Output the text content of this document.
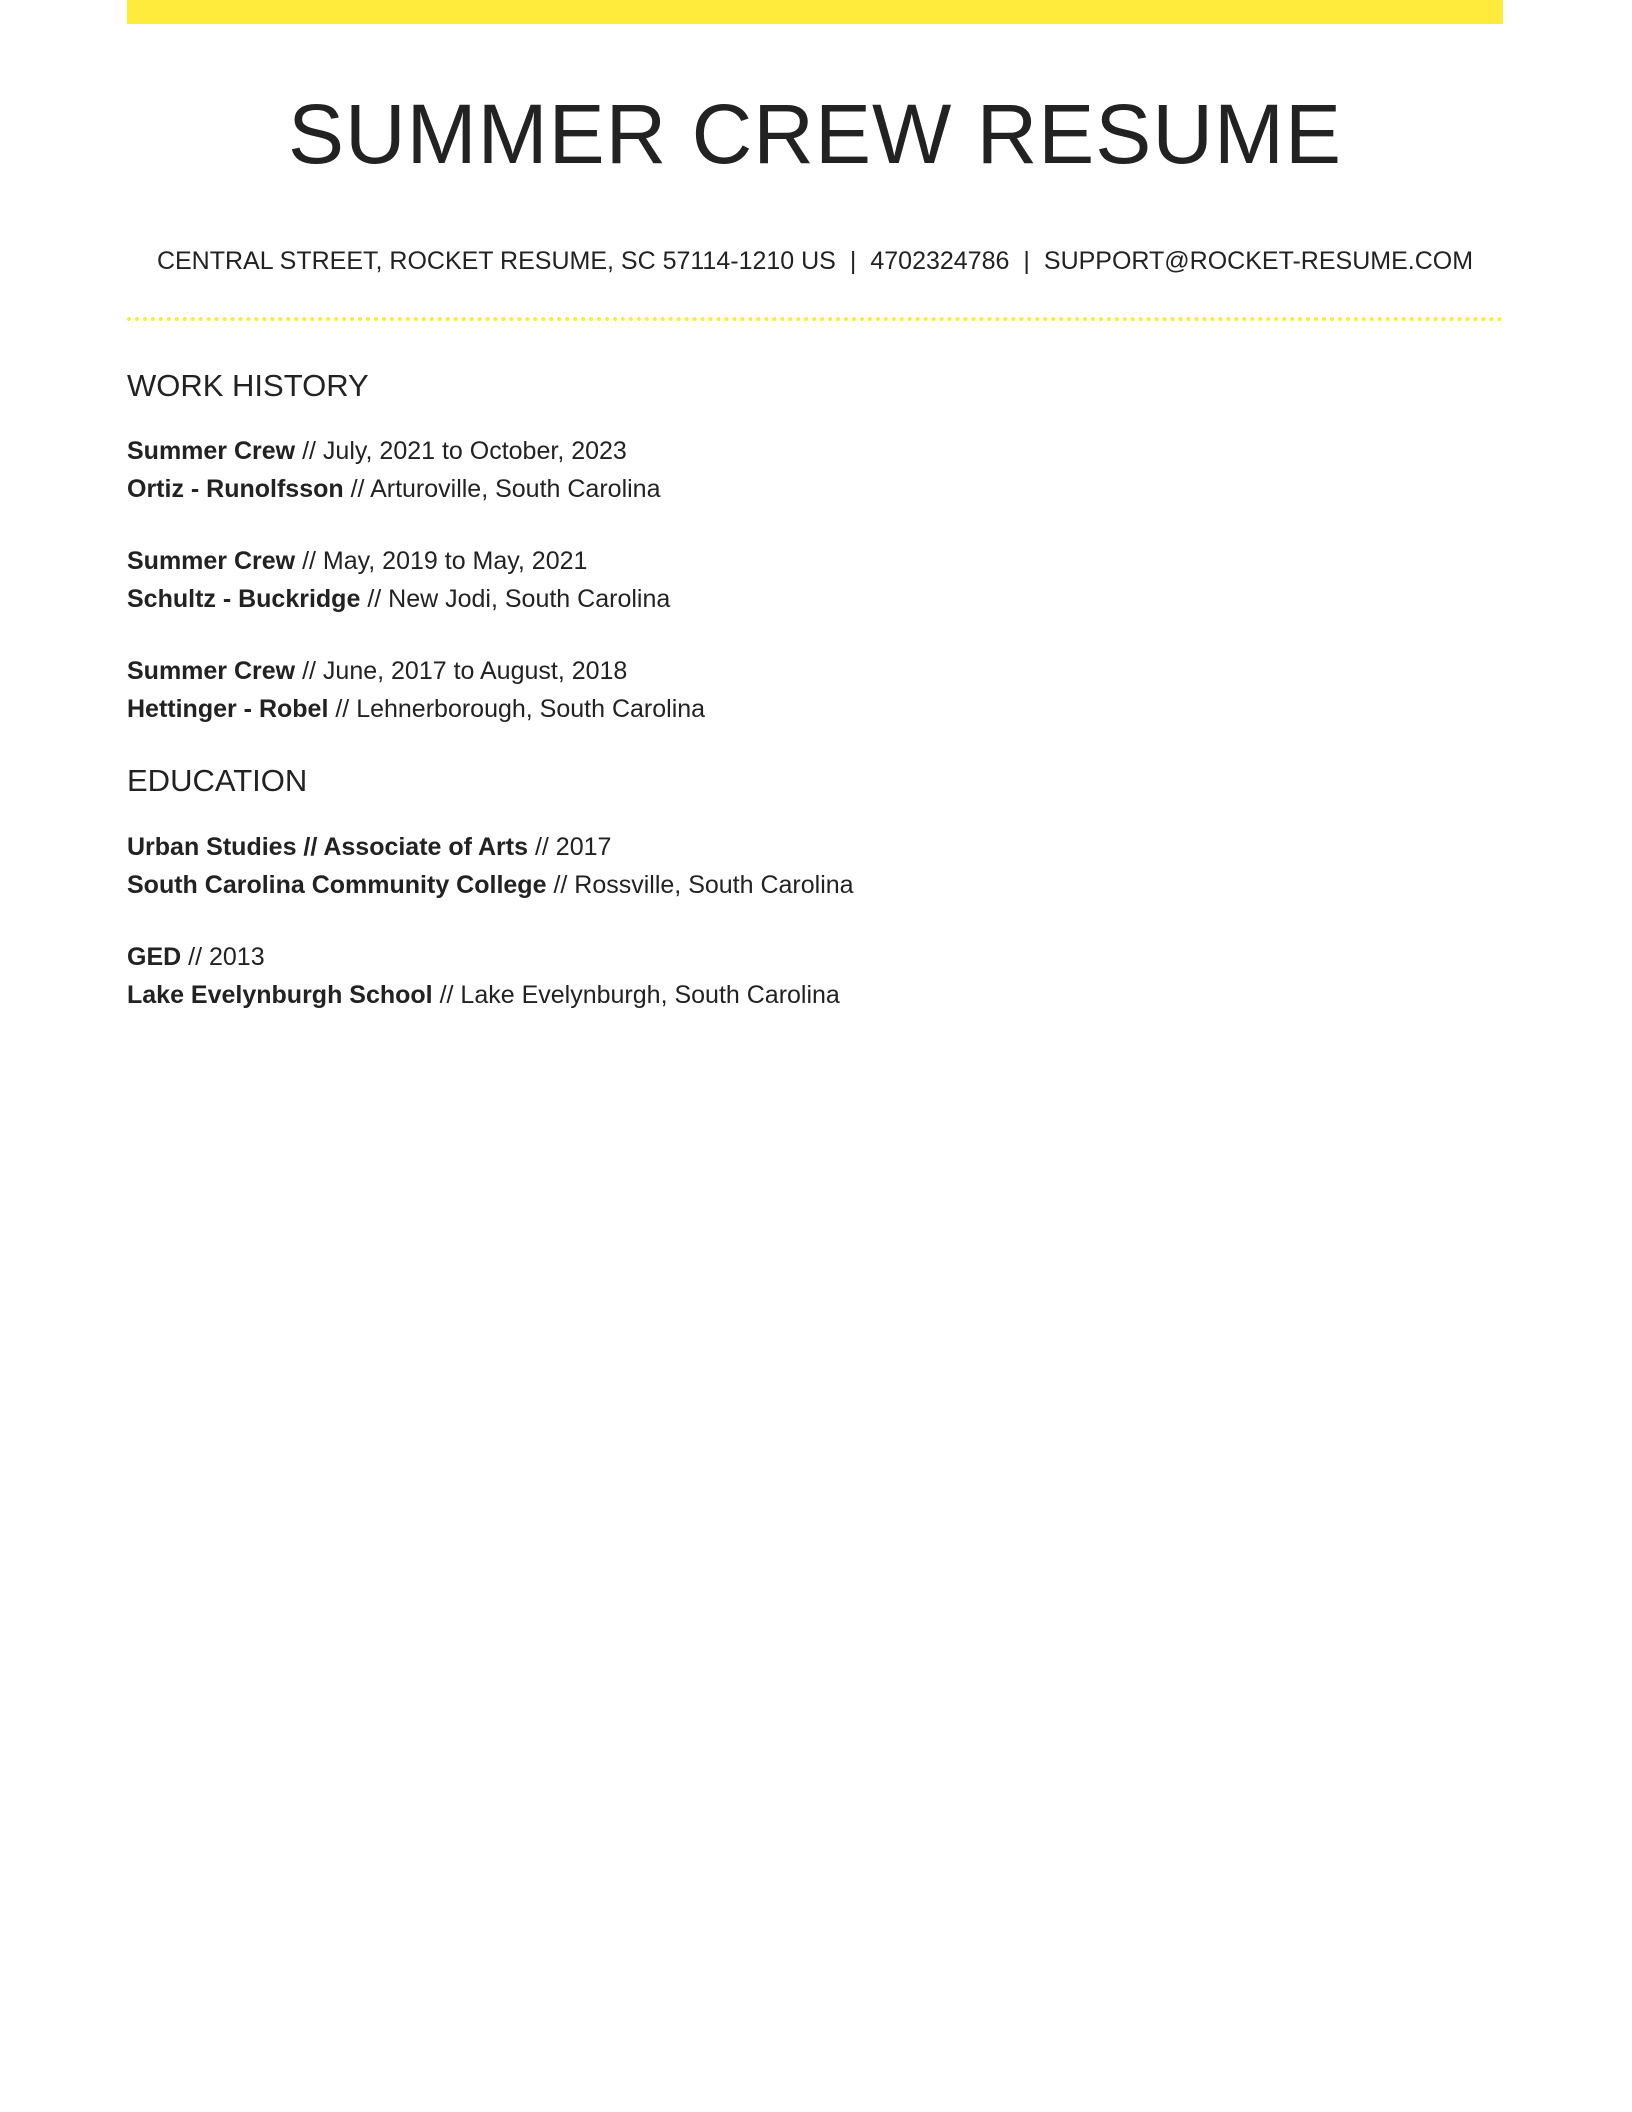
SUMMER CREW RESUME
CENTRAL STREET, ROCKET RESUME, SC 57114-1210 US | 4702324786 | SUPPORT@ROCKET-RESUME.COM
WORK HISTORY
Summer Crew // July, 2021 to October, 2023
Ortiz - Runolfsson // Arturoville, South Carolina
Summer Crew // May, 2019 to May, 2021
Schultz - Buckridge // New Jodi, South Carolina
Summer Crew // June, 2017 to August, 2018
Hettinger - Robel // Lehnerborough, South Carolina
EDUCATION
Urban Studies // Associate of Arts // 2017
South Carolina Community College // Rossville, South Carolina
GED // 2013
Lake Evelynburgh School // Lake Evelynburgh, South Carolina
